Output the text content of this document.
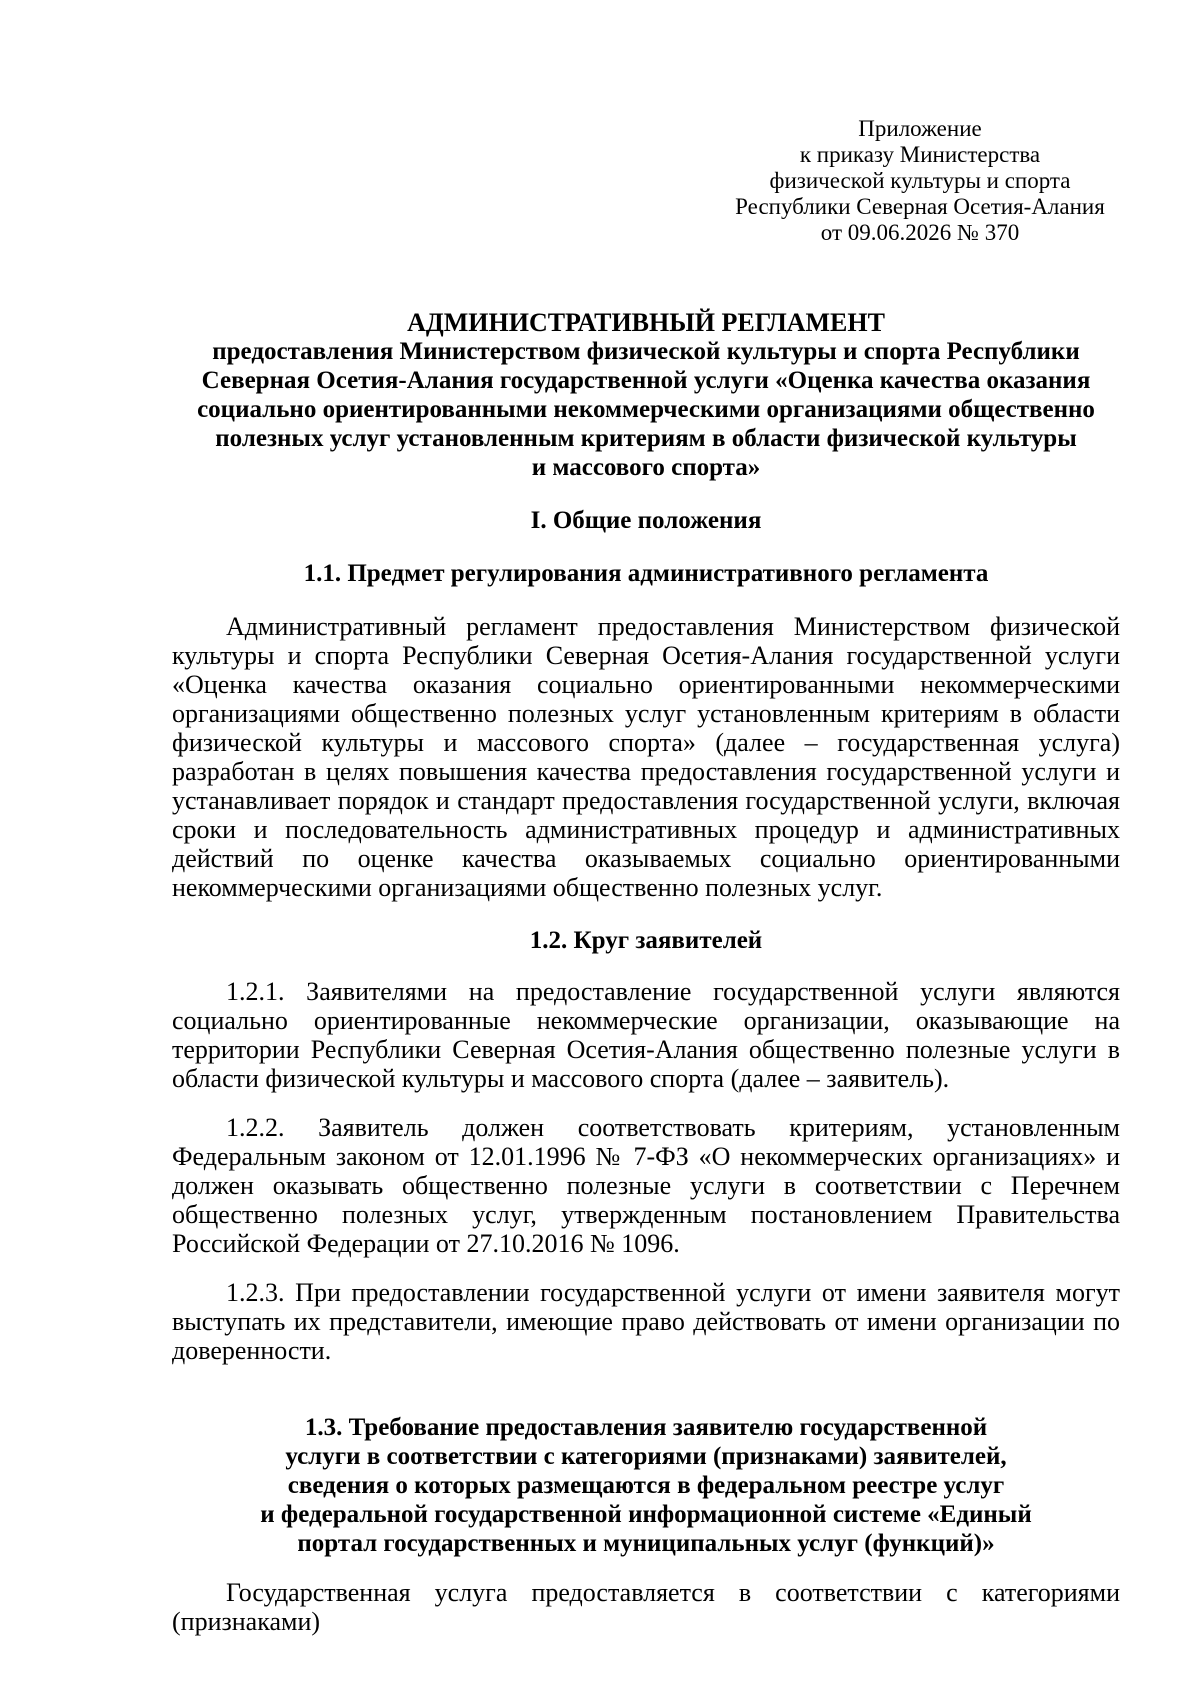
Приложение
к приказу Министерства
физической культуры и спорта
Республики Северная Осетия-Алания
от 09.06.2026 № 370
АДМИНИСТРАТИВНЫЙ РЕГЛАМЕНТ
предоставления Министерством физической культуры и спорта Республики
Северная Осетия-Алания государственной услуги «Оценка качества оказания
социально ориентированными некоммерческими организациями общественно
полезных услуг установленным критериям в области физической культуры
и массового спорта»
I. Общие положения
1.1. Предмет регулирования административного регламента

Административный регламент предоставления Министерством физической культуры и спорта Республики Северная Осетия-Алания государственной услуги «Оценка качества оказания социально ориентированными некоммерческими организациями общественно полезных услуг установленным критериям в области физической культуры и массового спорта» (далее – государственная услуга) разработан в целях повышения качества предоставления государственной услуги и устанавливает порядок и стандарт предоставления государственной услуги, включая сроки и последовательность административных процедур и административных действий по оценке качества оказываемых социально ориентированными некоммерческими организациями общественно полезных услуг.

1.2. Круг заявителей

1.2.1. Заявителями на предоставление государственной услуги являются социально ориентированные некоммерческие организации, оказывающие на территории Республики Северная Осетия-Алания общественно полезные услуги в области физической культуры и массового спорта (далее – заявитель).

1.2.2. Заявитель должен соответствовать критериям, установленным Федеральным законом от 12.01.1996 № 7-ФЗ «О некоммерческих организациях» и должен оказывать общественно полезные услуги в соответствии с Перечнем общественно полезных услуг, утвержденным постановлением Правительства Российской Федерации от 27.10.2016 № 1096.

1.2.3. При предоставлении государственной услуги от имени заявителя могут выступать их представители, имеющие право действовать от имени организации по доверенности.

1.3. Требование предоставления заявителю государственной
услуги в соответствии с категориями (признаками) заявителей,
сведения о которых размещаются в федеральном реестре услуг
и федеральной государственной информационной системе «Единый
портал государственных и муниципальных услуг (функций)»

Государственная услуга предоставляется в соответствии с категориями (признаками)
